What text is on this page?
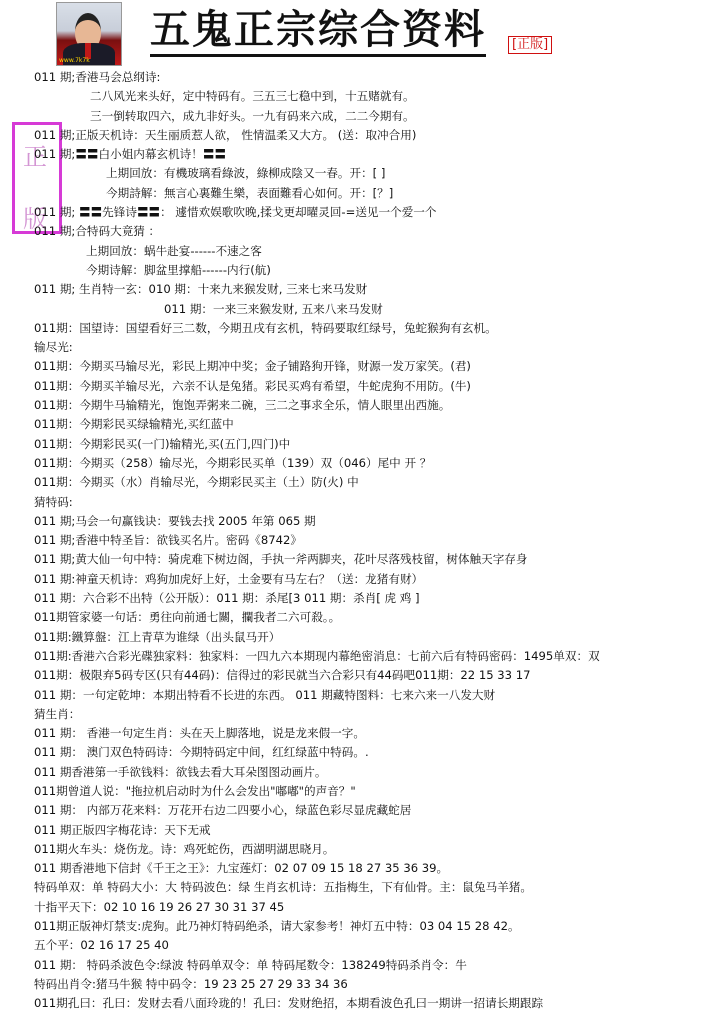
www.7k7k
五鬼正宗综合资料	[正版]
正
版
011 期;香港马会总纲诗:
二八风光来头好，定中特码有。三五三七稳中到，十五赌就有。
三一倒转取四六，成九非好头。一九有码来六成，二二今期有。
011 期;正版天机诗：天生丽质惹人欲， 性情温柔又大方。 (送：取冲合用)
011 期;〓〓白小姐内幕玄机诗！〓〓
上期回放：有機玻璃看綠波，綠柳成陰又一春。开：[ ]
今期詩解：無言心裏難生樂，表面難看心如何。开：[？]
011 期; 〓〓先锋诗〓〓： 遽惜欢娱歌吹晚,揉戈更却曜灵回-=送见一个爱一个
011 期;合特码大竟猜 ：
上期回放：蜗牛赴宴------不速之客
今期诗解：脚盆里撑船------内行(航)
011 期; 生肖特一玄：010 期：十来九来猴发财, 三来七来马发财
011 期：一来三来猴发财, 五来八来马发财
011期：国望诗：国望看好三二数，今期丑戌有玄机，特码要取红绿号，兔蛇猴狗有玄机。
输尽光:
011期：今期买马输尽光，彩民上期冲中奖；金子铺路狗开锋，财源一发万家笑。(君)
011期：今期买羊输尽光，六亲不认是兔猪。彩民买鸡有希望，牛蛇虎狗不用防。(牛)
011期：今期牛马输精光，饱饱弄粥来二碗，三二之事求全乐，情人眼里出西施。
011期：今期彩民买绿输精光,买红蓝中
011期：今期彩民买(一门)输精光,买(五门,四门)中
011期：今期买（258）输尽光，今期彩民买单（139）双（046）尾中 开 ？
011期：今期买（水）肖输尽光，今期彩民买主（土）防(火) 中
猜特码:
011 期;马会一句赢钱诀：要钱去找 2005 年第 065 期
011 期;香港中特圣旨：欲钱买名片。密码《8742》
011 期;黄大仙一句中特：骑虎难下树边阁，手执一斧两脚夹，花叶尽落残枝留，树体触天字存身
011 期:神童天机诗：鸡狗加虎好上好，土金要有马左右？（送：龙猪有财）
011 期：六合彩不出特（公开版）：011 期：杀尾[3 011 期：杀肖[ 虎 鸡 ]
011期管家婆一句话：勇往向前通七關，攔我者二六可殺。。
011期:鐵算盤：江上青草为谁绿（出头鼠马开）
011期:香港六合彩光碟独家料：独家料：一四九六本期现内幕绝密消息：七前六后有特码密码：1495单双：双
011期：极限弃5码专区(只有44码)：信得过的彩民就当六合彩只有44码吧011期：22 15 33 17
011 期：一句定乾坤：本期出特看不长进的东西。 011 期藏特图料：七来六来一八发大财
猜生肖：
011 期： 香港一句定生肖：头在天上脚落地，说是龙来假一字。
011 期： 澳门双色特码诗：今期特码定中间，红红绿蓝中特码。.
011 期香港第一手欲钱料：欲钱去看大耳朵图图动画片。
011期曾道人说："拖拉机启动时为什么会发出"嘟嘟"的声音？"
011 期： 内部万花来料：万花开右边二四要小心，绿蓝色彩尽显虎藏蛇居
011 期正版四字梅花诗：天下无戒
011期火车头：烧伤龙。诗：鸡死蛇伤，西湖明湖思晓月。
011 期香港地下信封《千王之王》：九宝莲灯：02 07 09 15 18 27 35 36 39。
特码单双：单 特码大小：大 特码波色：绿 生肖玄机诗：五指梅生，下有仙骨。主：鼠兔马羊猪。
十指平天下：02 10 16 19 26 27 30 31 37 45
011期正版神灯禁支:虎狗。此乃神灯特码绝杀，请大家参考！神灯五中特：03 04 15 28 42。
五个平：02 16 17 25 40
011 期： 特码杀波色令:绿波 特码单双令：单 特码尾数令：138249特码杀肖令：牛
特码出肖令:猪马牛猴 特中码令：19 23 25 27 29 33 34 36
011期孔曰：孔曰：发财去看八面玲珑的！孔曰：发财绝招，本期看波色孔曰一期讲一招请长期跟踪
